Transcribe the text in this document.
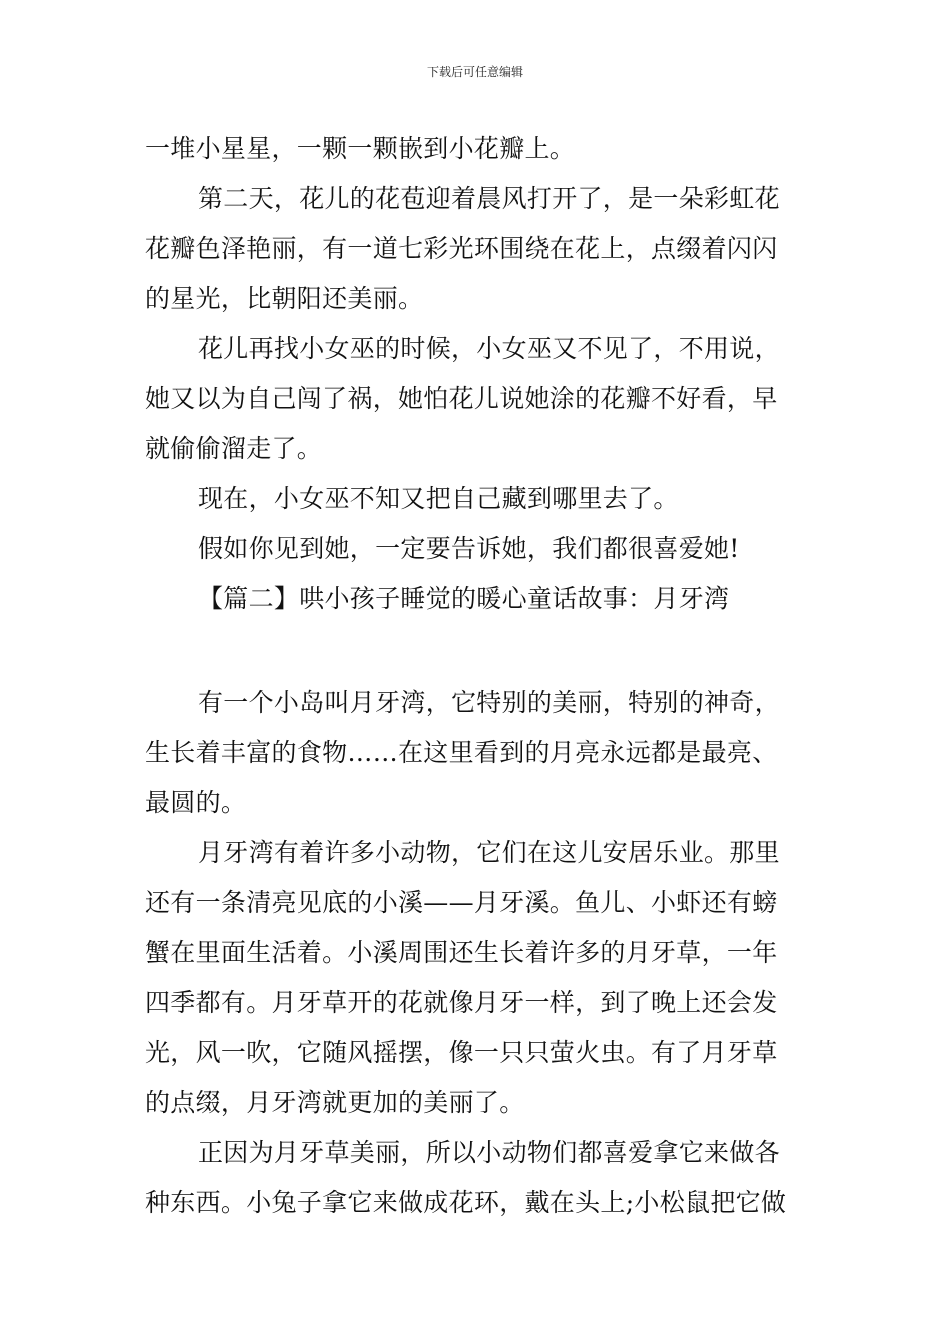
下载后可任意编辑
一堆小星星，一颗一颗嵌到小花瓣上。
第二天，花儿的花苞迎着晨风打开了，是一朵彩虹花
花瓣色泽艳丽，有一道七彩光环围绕在花上，点缀着闪闪
的星光，比朝阳还美丽。
花儿再找小女巫的时候，小女巫又不见了，不用说，
她又以为自己闯了祸，她怕花儿说她涂的花瓣不好看，早
就偷偷溜走了。
现在，小女巫不知又把自己藏到哪里去了。
假如你见到她，一定要告诉她，我们都很喜爱她!
【篇二】哄小孩子睡觉的暖心童话故事：月牙湾
有一个小岛叫月牙湾，它特别的美丽，特别的神奇，
生长着丰富的食物……在这里看到的月亮永远都是最亮、
最圆的。
月牙湾有着许多小动物，它们在这儿安居乐业。那里
还有一条清亮见底的小溪——月牙溪。鱼儿、小虾还有螃
蟹在里面生活着。小溪周围还生长着许多的月牙草，一年
四季都有。月牙草开的花就像月牙一样，到了晚上还会发
光，风一吹，它随风摇摆，像一只只萤火虫。有了月牙草
的点缀，月牙湾就更加的美丽了。
正因为月牙草美丽，所以小动物们都喜爱拿它来做各
种东西。小兔子拿它来做成花环，戴在头上;小松鼠把它做
